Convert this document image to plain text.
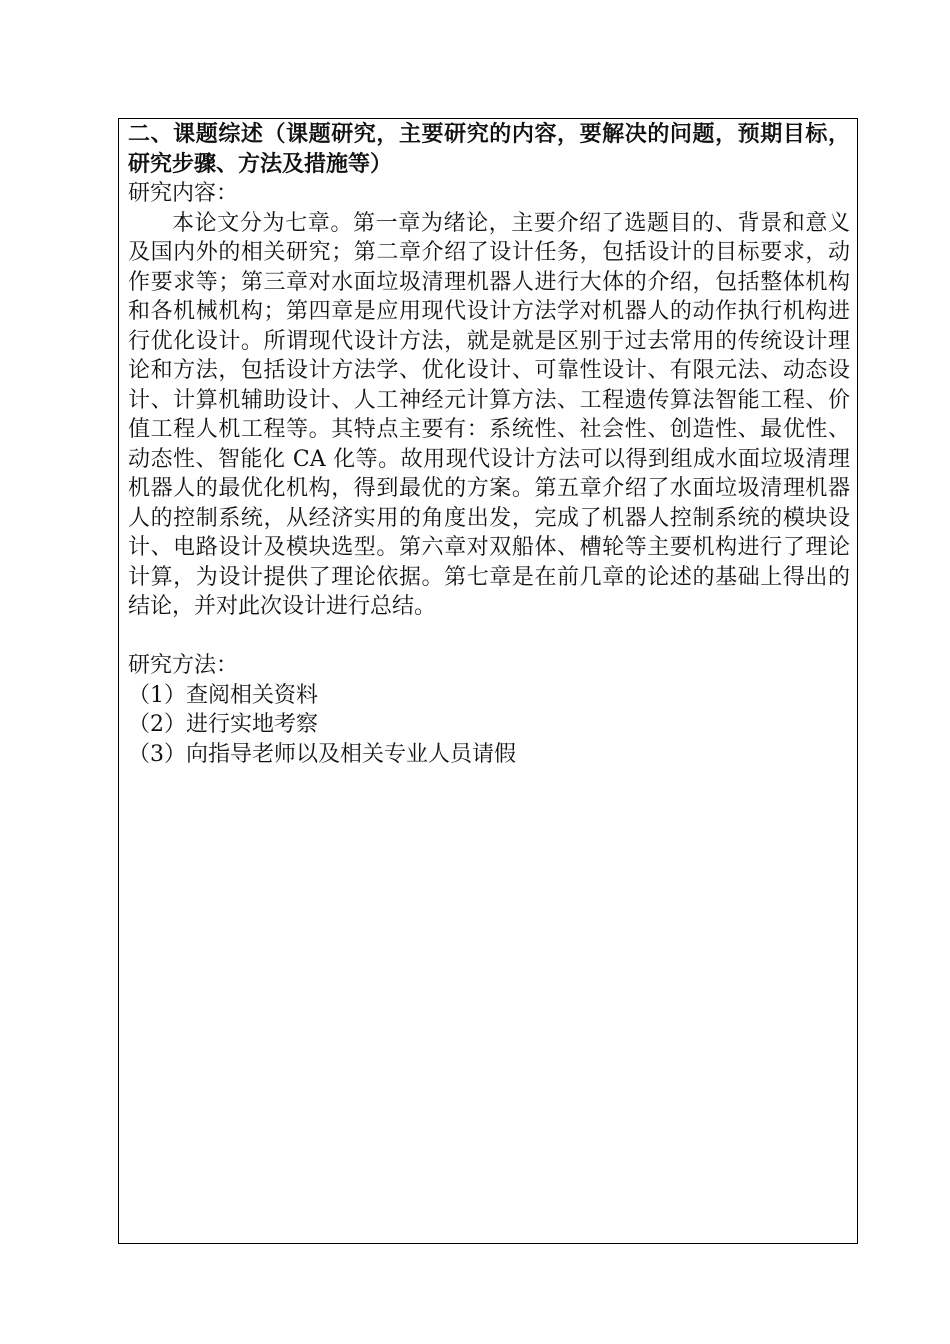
二、课题综述（课题研究，主要研究的内容，要解决的问题，预期目标，研究步骤、方法及措施等）
研究内容：
本论文分为七章。第一章为绪论，主要介绍了选题目的、背景和意义及国内外的相关研究；第二章介绍了设计任务，包括设计的目标要求，动作要求等；第三章对水面垃圾清理机器人进行大体的介绍，包括整体机构和各机械机构；第四章是应用现代设计方法学对机器人的动作执行机构进行优化设计。所谓现代设计方法，就是就是区别于过去常用的传统设计理论和方法，包括设计方法学、优化设计、可靠性设计、有限元法、动态设计、计算机辅助设计、人工神经元计算方法、工程遗传算法智能工程、价值工程人机工程等。其特点主要有：系统性、社会性、创造性、最优性、动态性、智能化 CA 化等。故用现代设计方法可以得到组成水面垃圾清理机器人的最优化机构，得到最优的方案。第五章介绍了水面垃圾清理机器人的控制系统，从经济实用的角度出发，完成了机器人控制系统的模块设计、电路设计及模块选型。第六章对双船体、槽轮等主要机构进行了理论计算，为设计提供了理论依据。第七章是在前几章的论述的基础上得出的结论，并对此次设计进行总结。
研究方法：
（1）查阅相关资料
（2）进行实地考察
（3）向指导老师以及相关专业人员请假
